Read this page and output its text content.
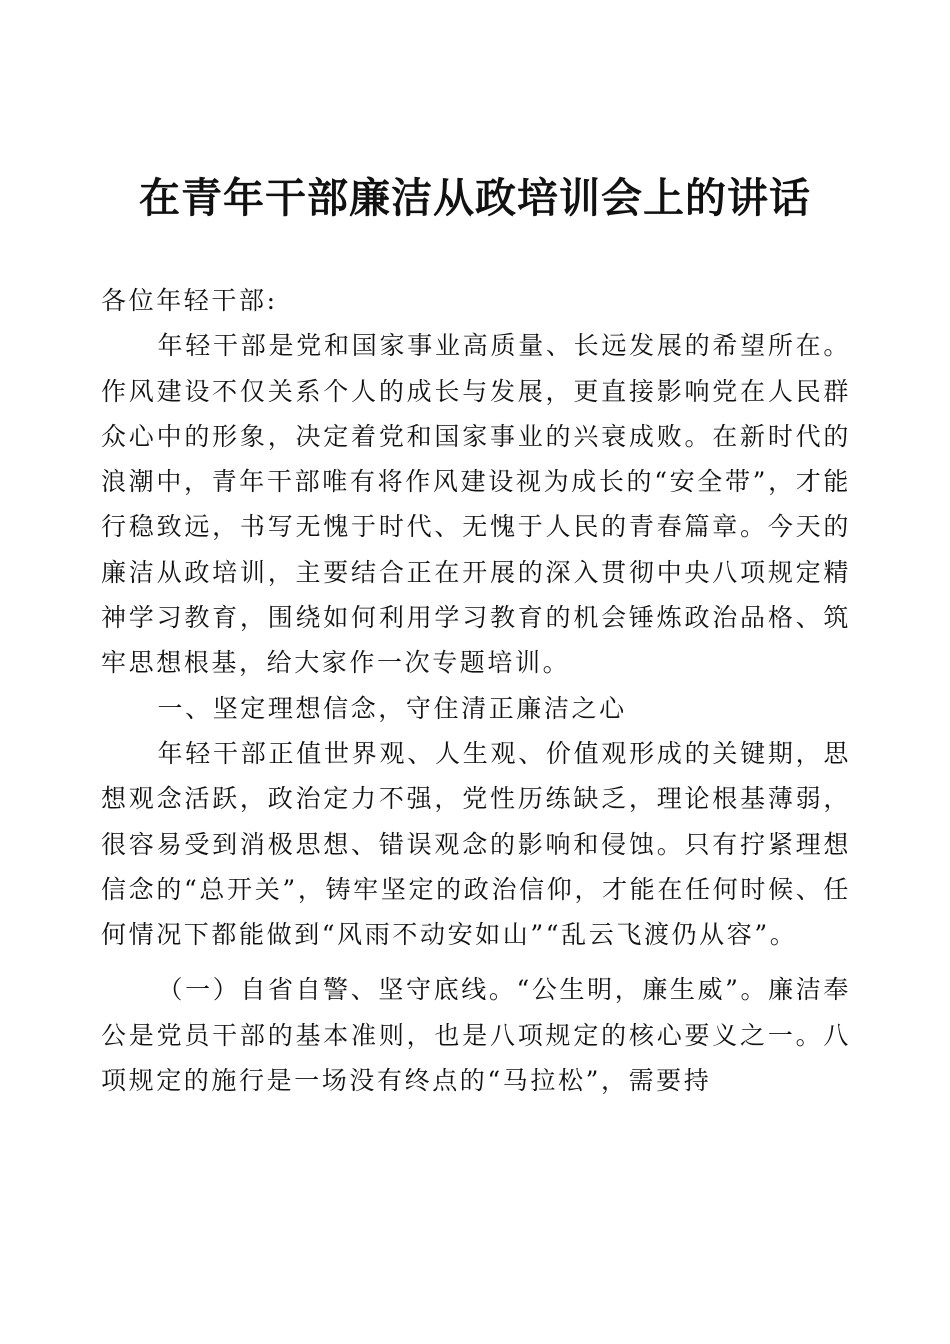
在青年干部廉洁从政培训会上的讲话

各位年轻干部:

年轻干部是党和国家事业高质量、长远发展的希望所在。作风建设不仅关系个人的成长与发展，更直接影响党在人民群众心中的形象，决定着党和国家事业的兴衰成败。在新时代的浪潮中，青年干部唯有将作风建设视为成长的“安全带”，才能行稳致远，书写无愧于时代、无愧于人民的青春篇章。今天的廉洁从政培训，主要结合正在开展的深入贯彻中央八项规定精神学习教育，围绕如何利用学习教育的机会锤炼政治品格、筑牢思想根基，给大家作一次专题培训。

一、坚定理想信念，守住清正廉洁之心

年轻干部正值世界观、人生观、价值观形成的关键期，思想观念活跃，政治定力不强，党性历练缺乏，理论根基薄弱，很容易受到消极思想、错误观念的影响和侵蚀。只有拧紧理想信念的“总开关”，铸牢坚定的政治信仰，才能在任何时候、任何情况下都能做到“风雨不动安如山”“乱云飞渡仍从容”。

（一）自省自警、坚守底线。“公生明，廉生威”。廉洁奉公是党员干部的基本准则，也是八项规定的核心要义之一。八项规定的施行是一场没有终点的“马拉松”，需要持
